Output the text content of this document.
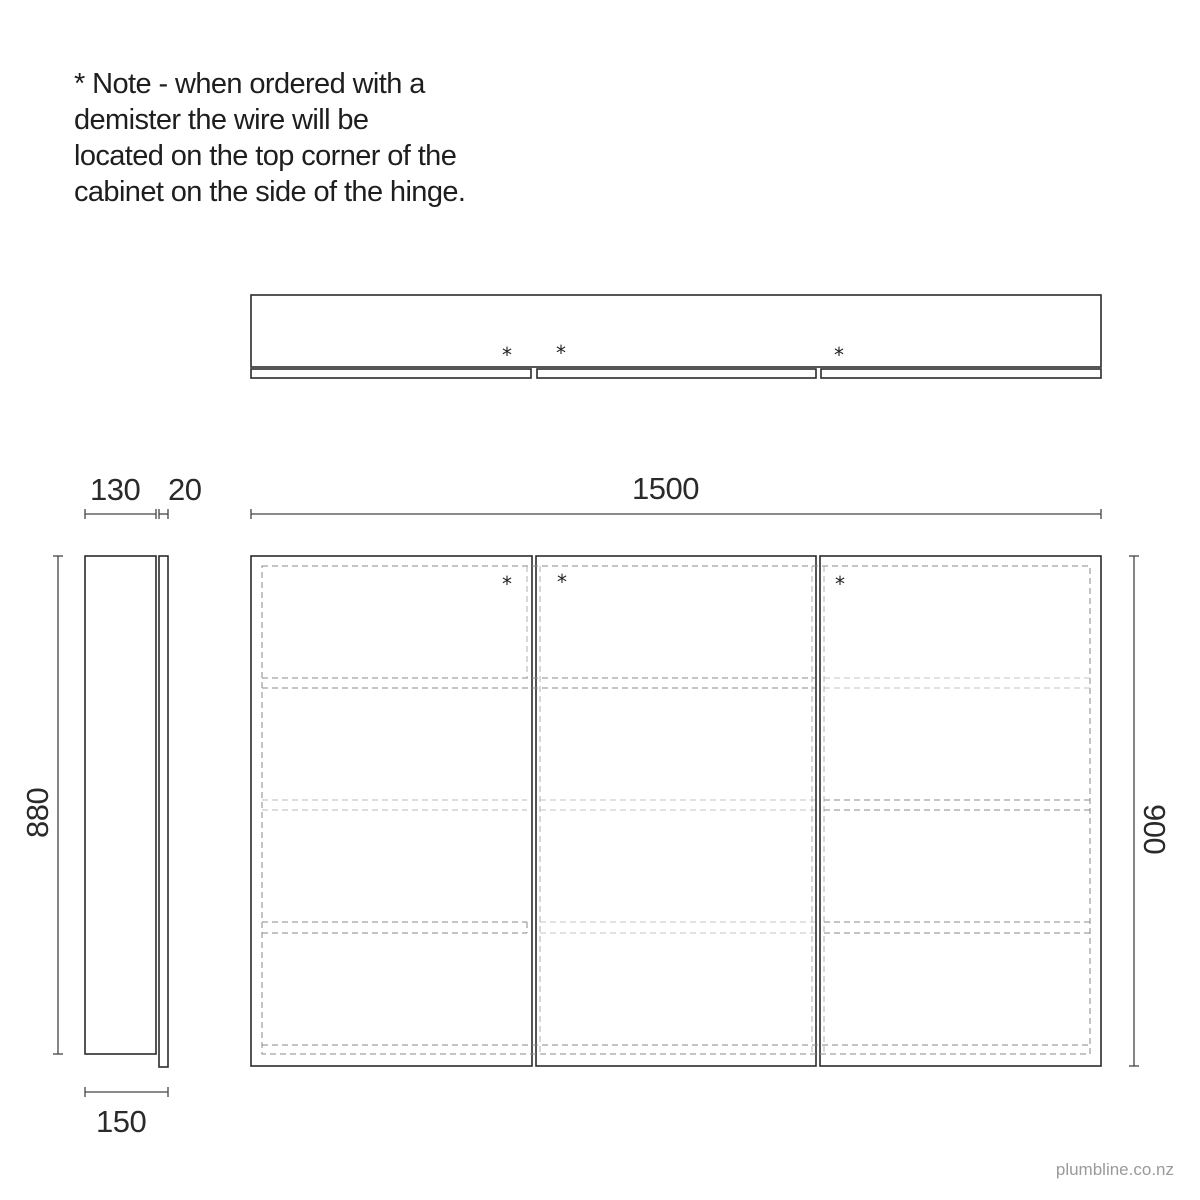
* Note - when ordered with a
demister the wire will be
located on the top corner of the
cabinet on the side of the hinge.
* *	*
* *	*
130 20	1500
150
880	900
plumbline.co.nz
